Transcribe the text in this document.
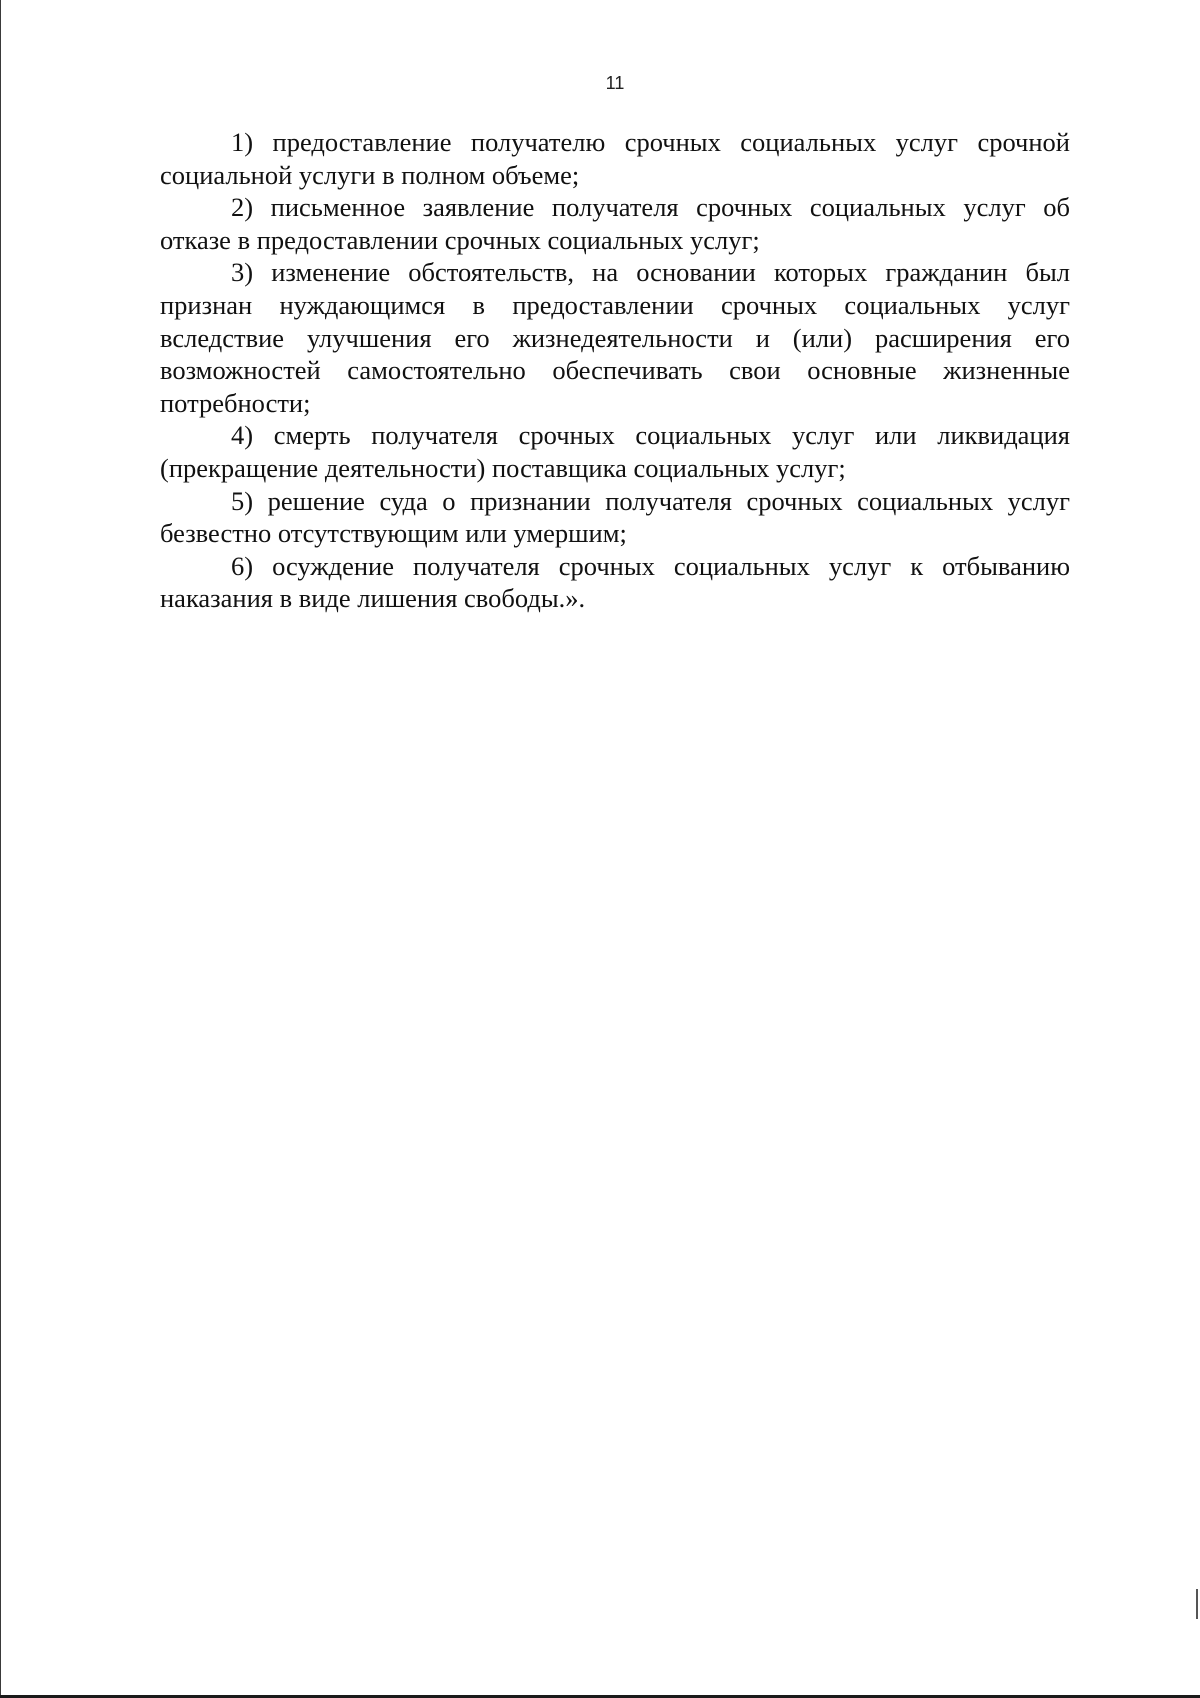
11

1) предоставление получателю срочных социальных услуг срочной социальной услуги в полном объеме;

2) письменное заявление получателя срочных социальных услуг об отказе в предоставлении срочных социальных услуг;

3) изменение обстоятельств, на основании которых гражданин был признан нуждающимся в предоставлении срочных социальных услуг вследствие улучшения его жизнедеятельности и (или) расширения его возможностей самостоятельно обеспечивать свои основные жизненные потребности;

4) смерть получателя срочных социальных услуг или ликвидация (прекращение деятельности) поставщика социальных услуг;

5) решение суда о признании получателя срочных социальных услуг безвестно отсутствующим или умершим;

6) осуждение получателя срочных социальных услуг к отбыванию наказания в виде лишения свободы.».
